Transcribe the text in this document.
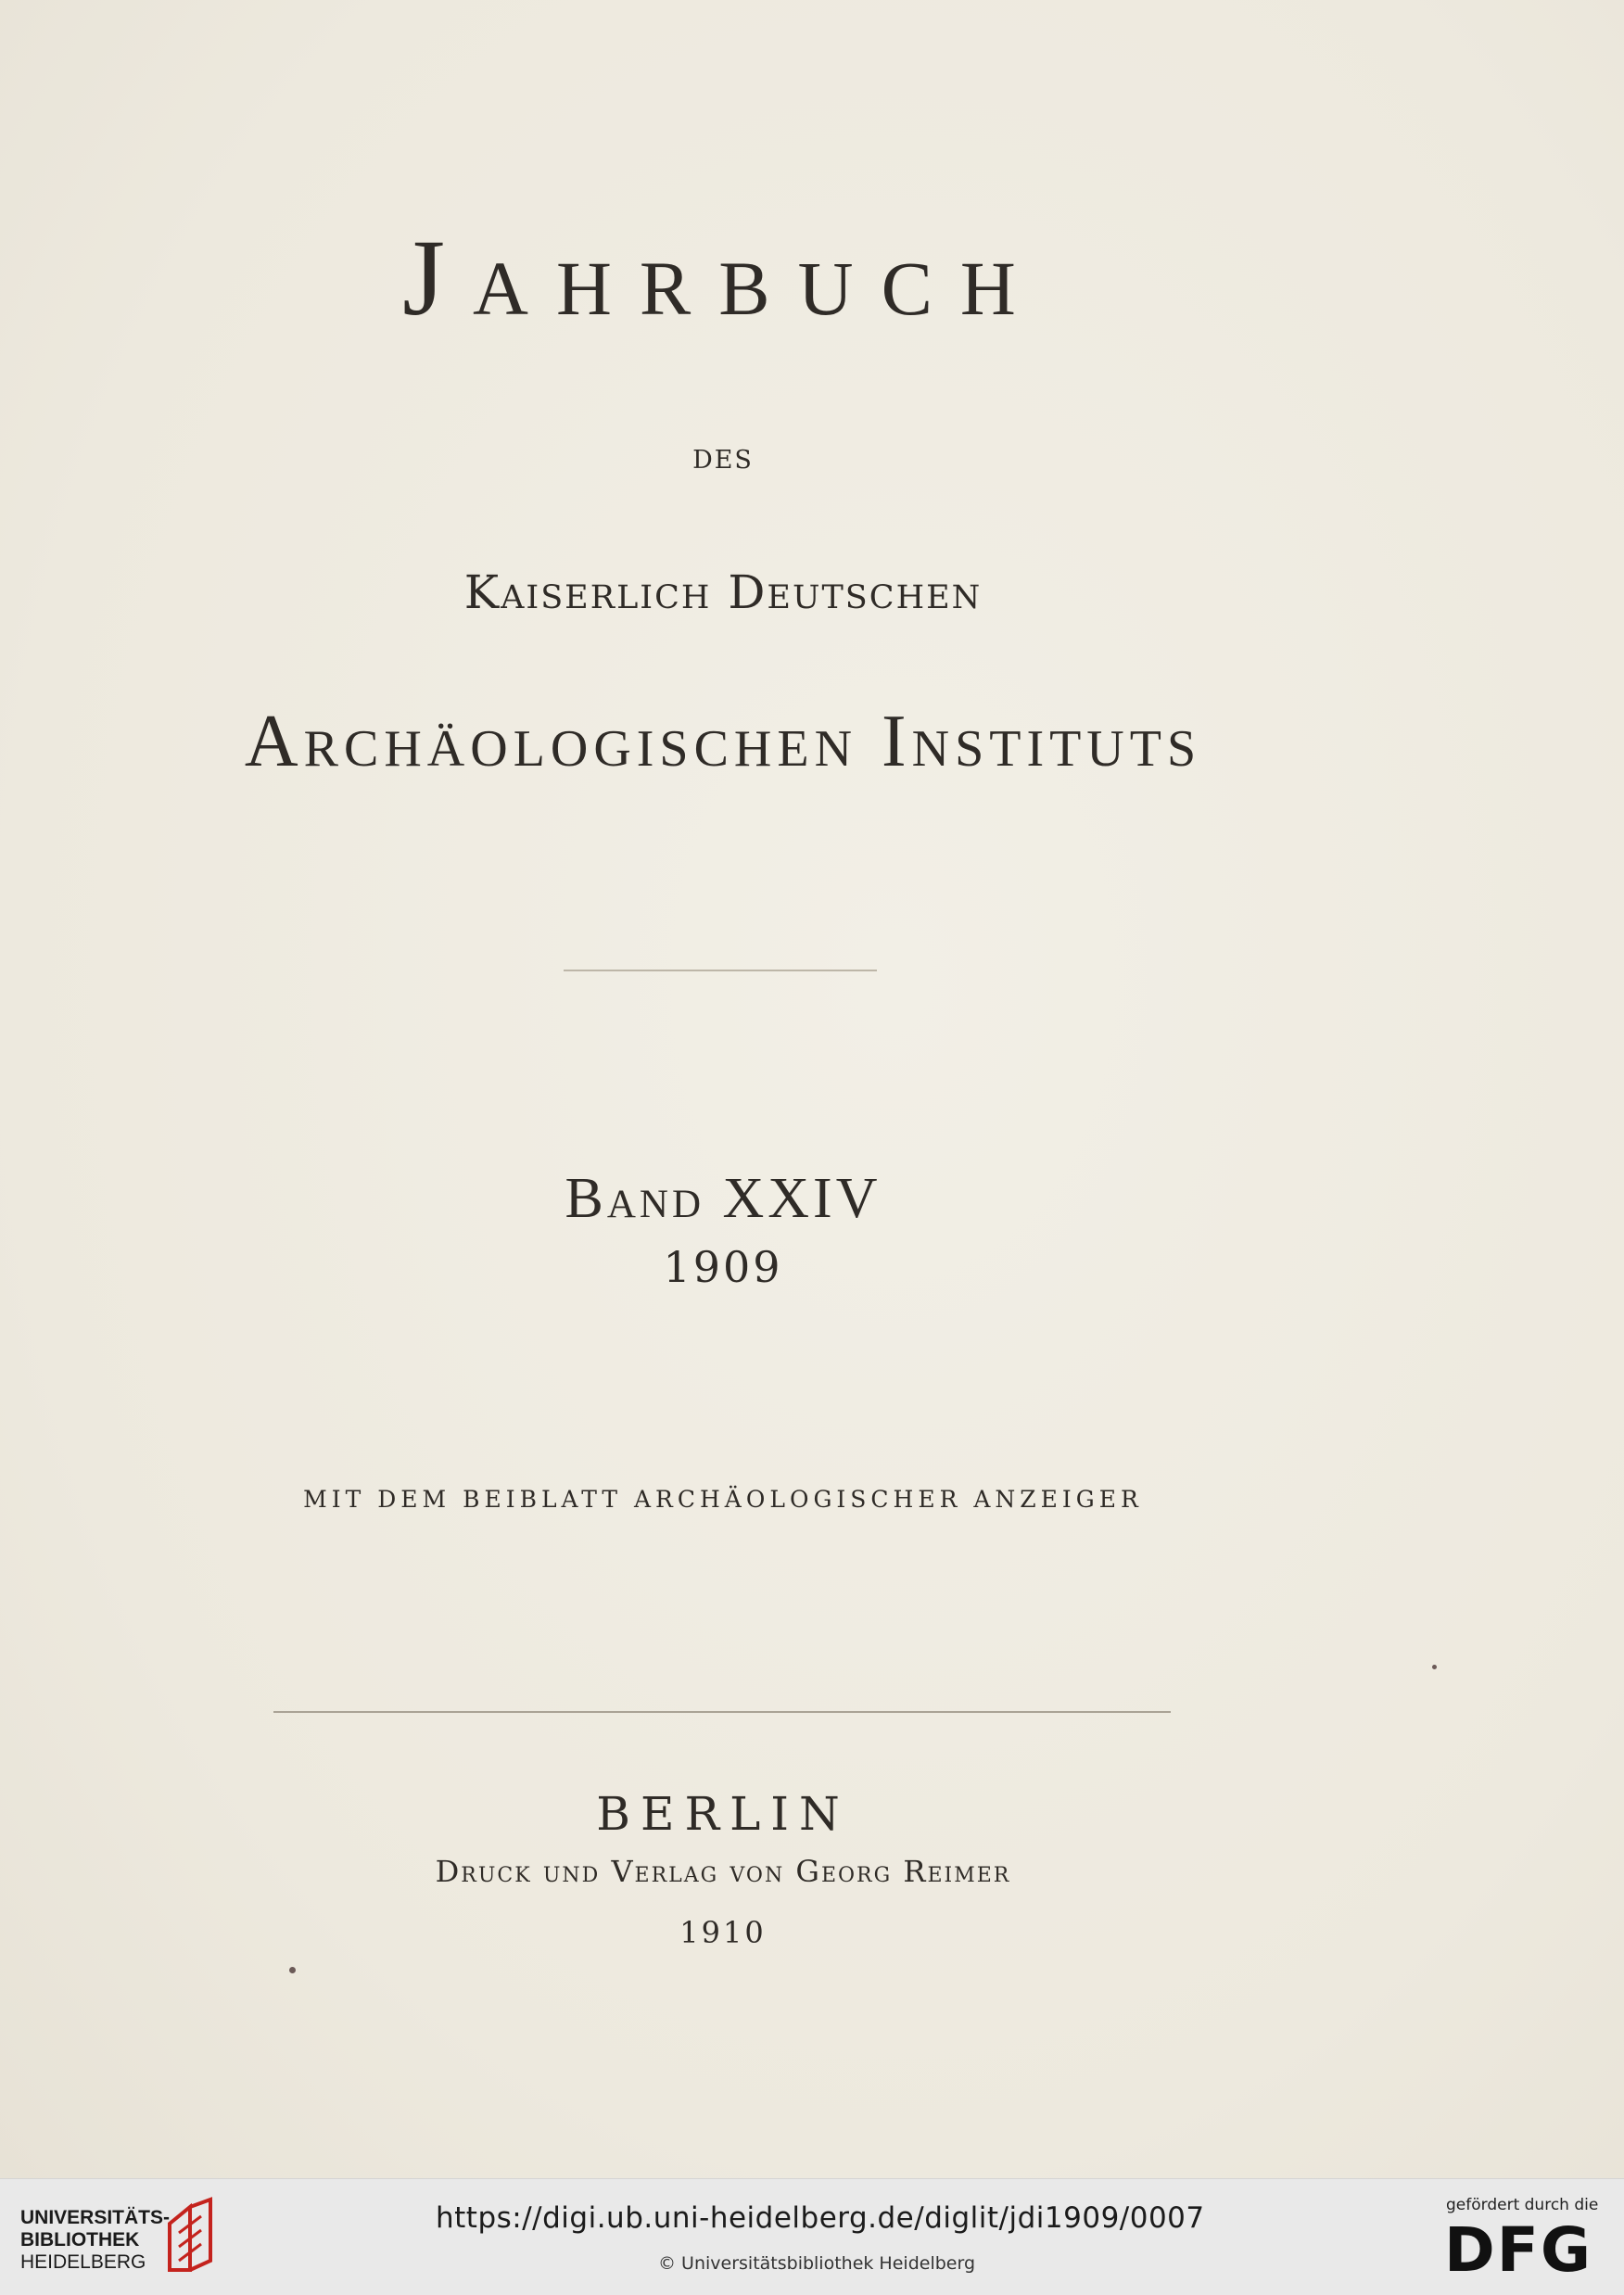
Jahrbuch
des
Kaiserlich Deutschen
Archäologischen Instituts
Band XXIV
1909
MIT DEM BEIBLATT ARCHÄOLOGISCHER ANZEIGER
BERLIN
Druck und Verlag von Georg Reimer
1910
UNIVERSITÄTS-
BIBLIOTHEK
HEIDELBERG
https://digi.ub.uni-heidelberg.de/diglit/jdi1909/0007
© Universitätsbibliothek Heidelberg
gefördert durch die
DFG
